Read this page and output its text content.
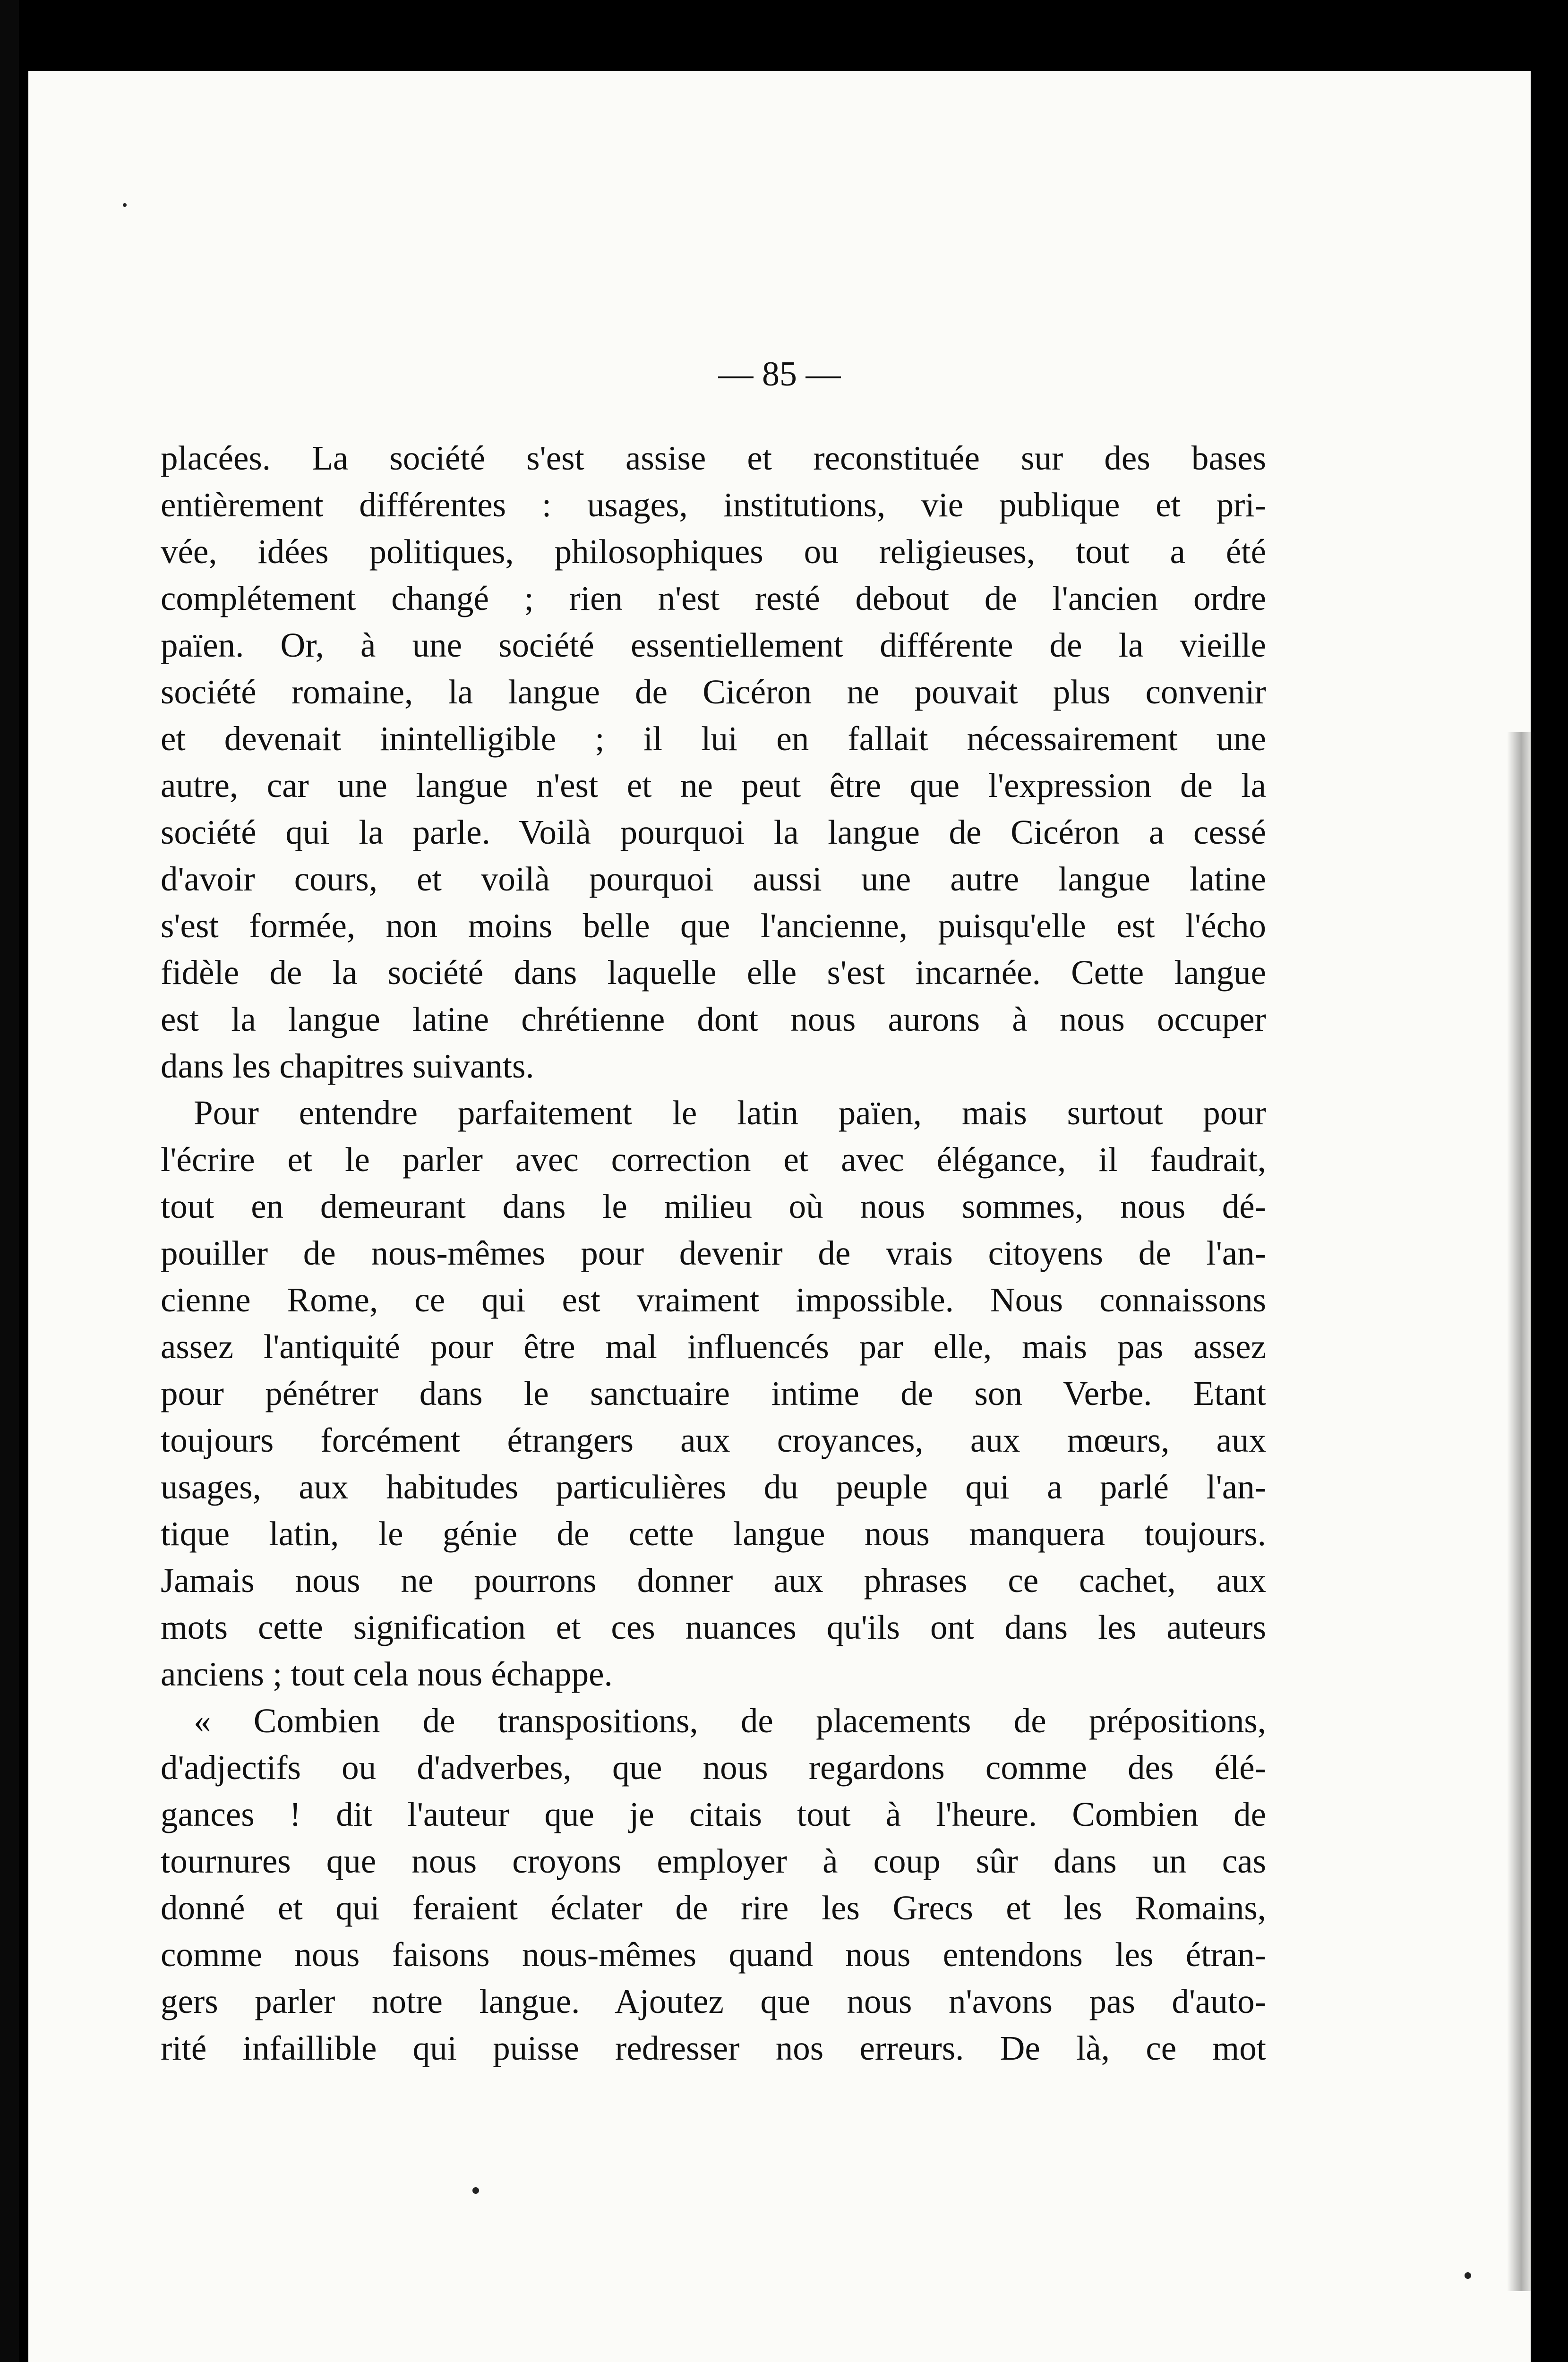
— 85 —
placées. La société s'est assise et reconstituée sur des bases
entièrement différentes : usages, institutions, vie publique et pri-
vée, idées politiques, philosophiques ou religieuses, tout a été
complétement changé ; rien n'est resté debout de l'ancien ordre
païen. Or, à une société essentiellement différente de la vieille
société romaine, la langue de Cicéron ne pouvait plus convenir
et devenait inintelligible ; il lui en fallait nécessairement une
autre, car une langue n'est et ne peut être que l'expression de la
société qui la parle. Voilà pourquoi la langue de Cicéron a cessé
d'avoir cours, et voilà pourquoi aussi une autre langue latine
s'est formée, non moins belle que l'ancienne, puisqu'elle est l'écho
fidèle de la société dans laquelle elle s'est incarnée. Cette langue
est la langue latine chrétienne dont nous aurons à nous occuper
dans les chapitres suivants.
Pour entendre parfaitement le latin païen, mais surtout pour
l'écrire et le parler avec correction et avec élégance, il faudrait,
tout en demeurant dans le milieu où nous sommes, nous dé-
pouiller de nous-mêmes pour devenir de vrais citoyens de l'an-
cienne Rome, ce qui est vraiment impossible. Nous connaissons
assez l'antiquité pour être mal influencés par elle, mais pas assez
pour pénétrer dans le sanctuaire intime de son Verbe. Etant
toujours forcément étrangers aux croyances, aux mœurs, aux
usages, aux habitudes particulières du peuple qui a parlé l'an-
tique latin, le génie de cette langue nous manquera toujours.
Jamais nous ne pourrons donner aux phrases ce cachet, aux
mots cette signification et ces nuances qu'ils ont dans les auteurs
anciens ; tout cela nous échappe.
« Combien de transpositions, de placements de prépositions,
d'adjectifs ou d'adverbes, que nous regardons comme des élé-
gances ! dit l'auteur que je citais tout à l'heure. Combien de
tournures que nous croyons employer à coup sûr dans un cas
donné et qui feraient éclater de rire les Grecs et les Romains,
comme nous faisons nous-mêmes quand nous entendons les étran-
gers parler notre langue. Ajoutez que nous n'avons pas d'auto-
rité infaillible qui puisse redresser nos erreurs. De là, ce mot
